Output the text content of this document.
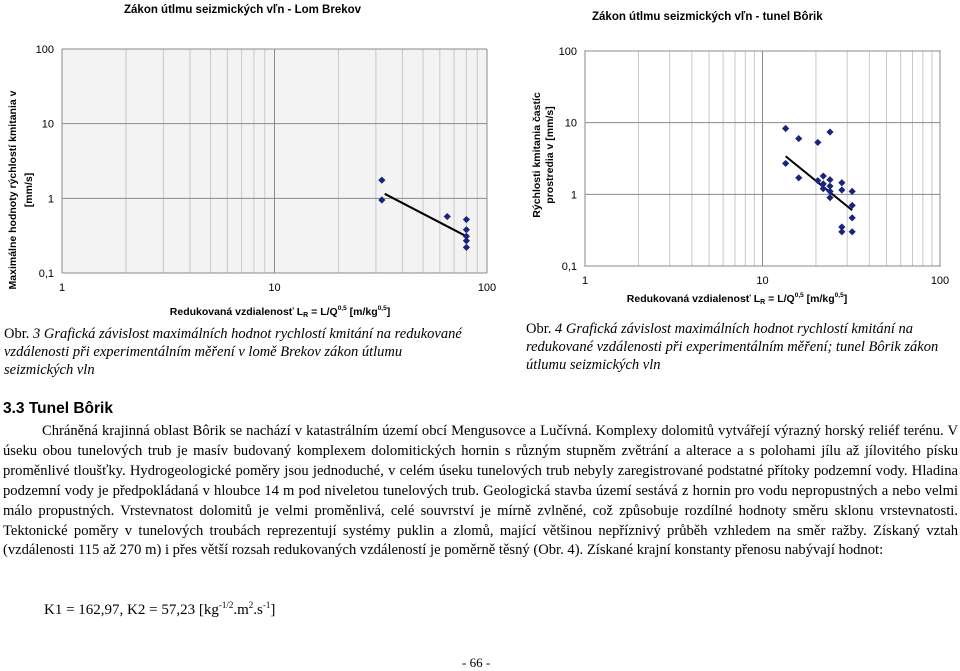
Zákon útlmu seizmických vľn - Lom Brekov
Zákon útlmu seizmických vľn - tunel Bôrik
0,1
1
10
100
1	10	100
Maximálne hodnoty rýchlostí kmitania v [mm/s]
Redukovaná vzdialenosť LR = $L/Q^{0,5}$ [m/kg$^{0,5}$]
0,1
1
10
100
1	10	100
Rýchlosti kmitania častíc prostredia v [mm/s]
Redukovaná vzdialenosť LR = $L/Q^{0,5}$ [m/kg$^{0,5}$]
Obr. 3 Grafická závislost maximálních hodnot rychlostí kmitání na redukované vzdálenosti při experimentálním měření v lomě Brekov zákon útlumu seizmických vln
Obr. 4 Grafická závislost maximálních hodnot rychlostí kmitání na redukované vzdálenosti při experimentálním měření; tunel Bôrik zákon útlumu seizmických vln
3.3 Tunel Bôrik
Chráněná krajinná oblast Bôrik se nachází v katastrálním území obcí Mengusovce a Lučívná. Komplexy dolomitů vytvářejí výrazný horský reliéf terénu. V úseku obou tunelových trub je masív budovaný komplexem dolomitických hornin s různým stupněm zvětrání a alterace a s polohami jílu až jílovitého písku proměnlivé tloušťky. Hydrogeologické poměry jsou jednoduché, v celém úseku tunelových trub nebyly zaregistrované podstatné přítoky podzemní vody. Hladina podzemní vody je předpokládaná v hloubce 14 m pod niveletou tunelových trub. Geologická stavba území sestává z hornin pro vodu nepropustných a nebo velmi málo propustných. Vrstevnatost dolomitů je velmi proměnlivá, celé souvrství je mírně zvlněné, což způsobuje rozdílné hodnoty směru sklonu vrstevnatosti. Tektonické poměry v tunelových troubách reprezentují systémy puklin a zlomů, mající většinou nepříznivý průběh vzhledem na směr ražby. Získaný vztah (vzdálenosti 115 až 270 m) i přes větší rozsah redukovaných vzdáleností je poměrně těsný (Obr. 4). Získané krajní konstanty přenosu nabývají hodnot:
K1 = 162,97, K2 = 57,23 $[kg^{-1/2}.m^2.s^{-1}]$
- 66 -
